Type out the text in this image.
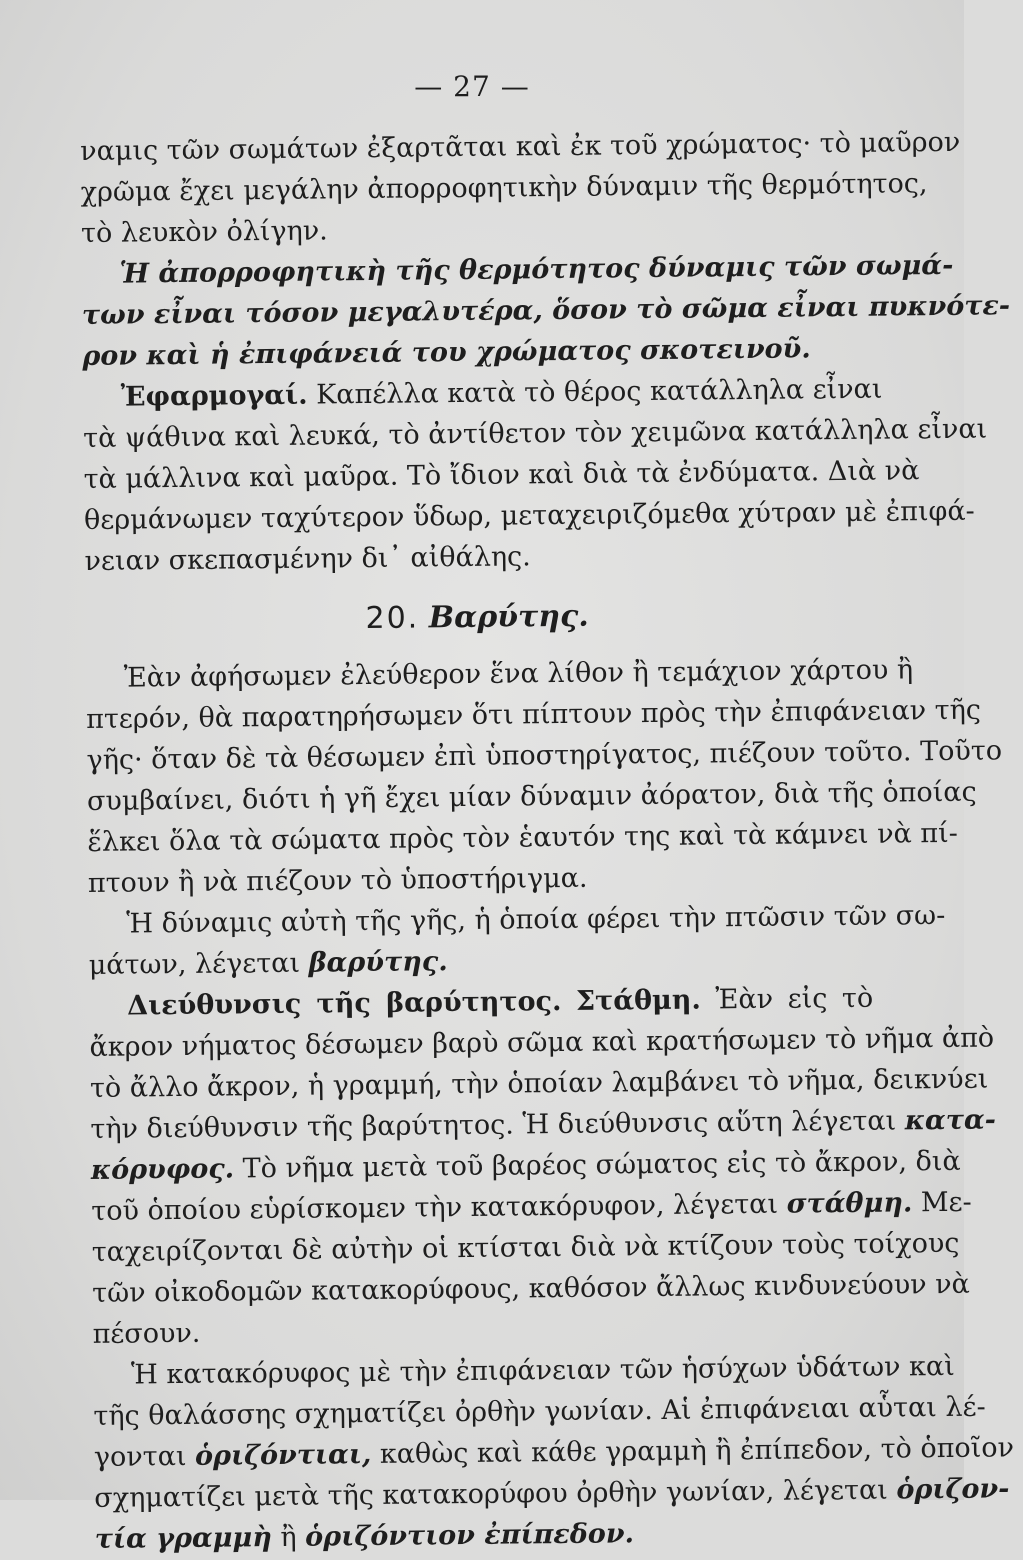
— 27 —
ναμις τῶν σωμάτων ἐξαρτᾶται καὶ ἐκ τοῦ χρώματος· τὸ μαῦρον
χρῶμα ἔχει μεγάλην ἀπορροφητικὴν δύναμιν τῆς θερμότητος,
τὸ λευκὸν ὀλίγην.
Ἡ ἀπορροφητικὴ τῆς θερμότητος δύναμις τῶν σωμά-
των εἶναι τόσον μεγαλυτέρα, ὅσον τὸ σῶμα εἶναι πυκνότε-
ρον καὶ ἡ ἐπιφάνειά του χρώματος σκοτεινοῦ.
Ἐφαρμογαί. Καπέλλα κατὰ τὸ θέρος κατάλληλα εἶναι
τὰ ψάθινα καὶ λευκά, τὸ ἀντίθετον τὸν χειμῶνα κατάλληλα εἶναι
τὰ μάλλινα καὶ μαῦρα. Τὸ ἴδιον καὶ διὰ τὰ ἐνδύματα. Διὰ νὰ
θερμάνωμεν ταχύτερον ὕδωρ, μεταχειριζόμεθα χύτραν μὲ ἐπιφά-
νειαν σκεπασμένην δι᾿ αἰθάλης.
20. Βαρύτης.
Ἐὰν ἀφήσωμεν ἐλεύθερον ἕνα λίθον ἢ τεμάχιον χάρτου ἢ
πτερόν, θὰ παρατηρήσωμεν ὅτι πίπτουν πρὸς τὴν ἐπιφάνειαν τῆς
γῆς· ὅταν δὲ τὰ θέσωμεν ἐπὶ ὑποστηρίγατος, πιέζουν τοῦτο. Τοῦτο
συμβαίνει, διότι ἡ γῆ ἔχει μίαν δύναμιν ἀόρατον, διὰ τῆς ὁποίας
ἕλκει ὅλα τὰ σώματα πρὸς τὸν ἑαυτόν της καὶ τὰ κάμνει νὰ πί-
πτουν ἢ νὰ πιέζουν τὸ ὑποστήριγμα.
Ἡ δύναμις αὐτὴ τῆς γῆς, ἡ ὁποία φέρει τὴν πτῶσιν τῶν σω-
μάτων, λέγεται βαρύτης.
Διεύθυνσις τῆς βαρύτητος. Στάθμη. Ἐὰν εἰς τὸ
ἄκρον νήματος δέσωμεν βαρὺ σῶμα καὶ κρατήσωμεν τὸ νῆμα ἀπὸ
τὸ ἄλλο ἄκρον, ἡ γραμμή, τὴν ὁποίαν λαμβάνει τὸ νῆμα, δεικνύει
τὴν διεύθυνσιν τῆς βαρύτητος. Ἡ διεύθυνσις αὕτη λέγεται κατα-
κόρυφος. Τὸ νῆμα μετὰ τοῦ βαρέος σώματος εἰς τὸ ἄκρον, διὰ
τοῦ ὁποίου εὑρίσκομεν τὴν κατακόρυφον, λέγεται στάθμη. Με-
ταχειρίζονται δὲ αὐτὴν οἱ κτίσται διὰ νὰ κτίζουν τοὺς τοίχους
τῶν οἰκοδομῶν κατακορύφους, καθόσον ἄλλως κινδυνεύουν νὰ
πέσουν.
Ἡ κατακόρυφος μὲ τὴν ἐπιφάνειαν τῶν ἡσύχων ὑδάτων καὶ
τῆς θαλάσσης σχηματίζει ὀρθὴν γωνίαν. Αἱ ἐπιφάνειαι αὗται λέ-
γονται ὁριζόντιαι, καθὼς καὶ κάθε γραμμὴ ἢ ἐπίπεδον, τὸ ὁποῖον
σχηματίζει μετὰ τῆς κατακορύφου ὀρθὴν γωνίαν, λέγεται ὁριζον-
τία γραμμὴ ἢ ὁριζόντιον ἐπίπεδον.
